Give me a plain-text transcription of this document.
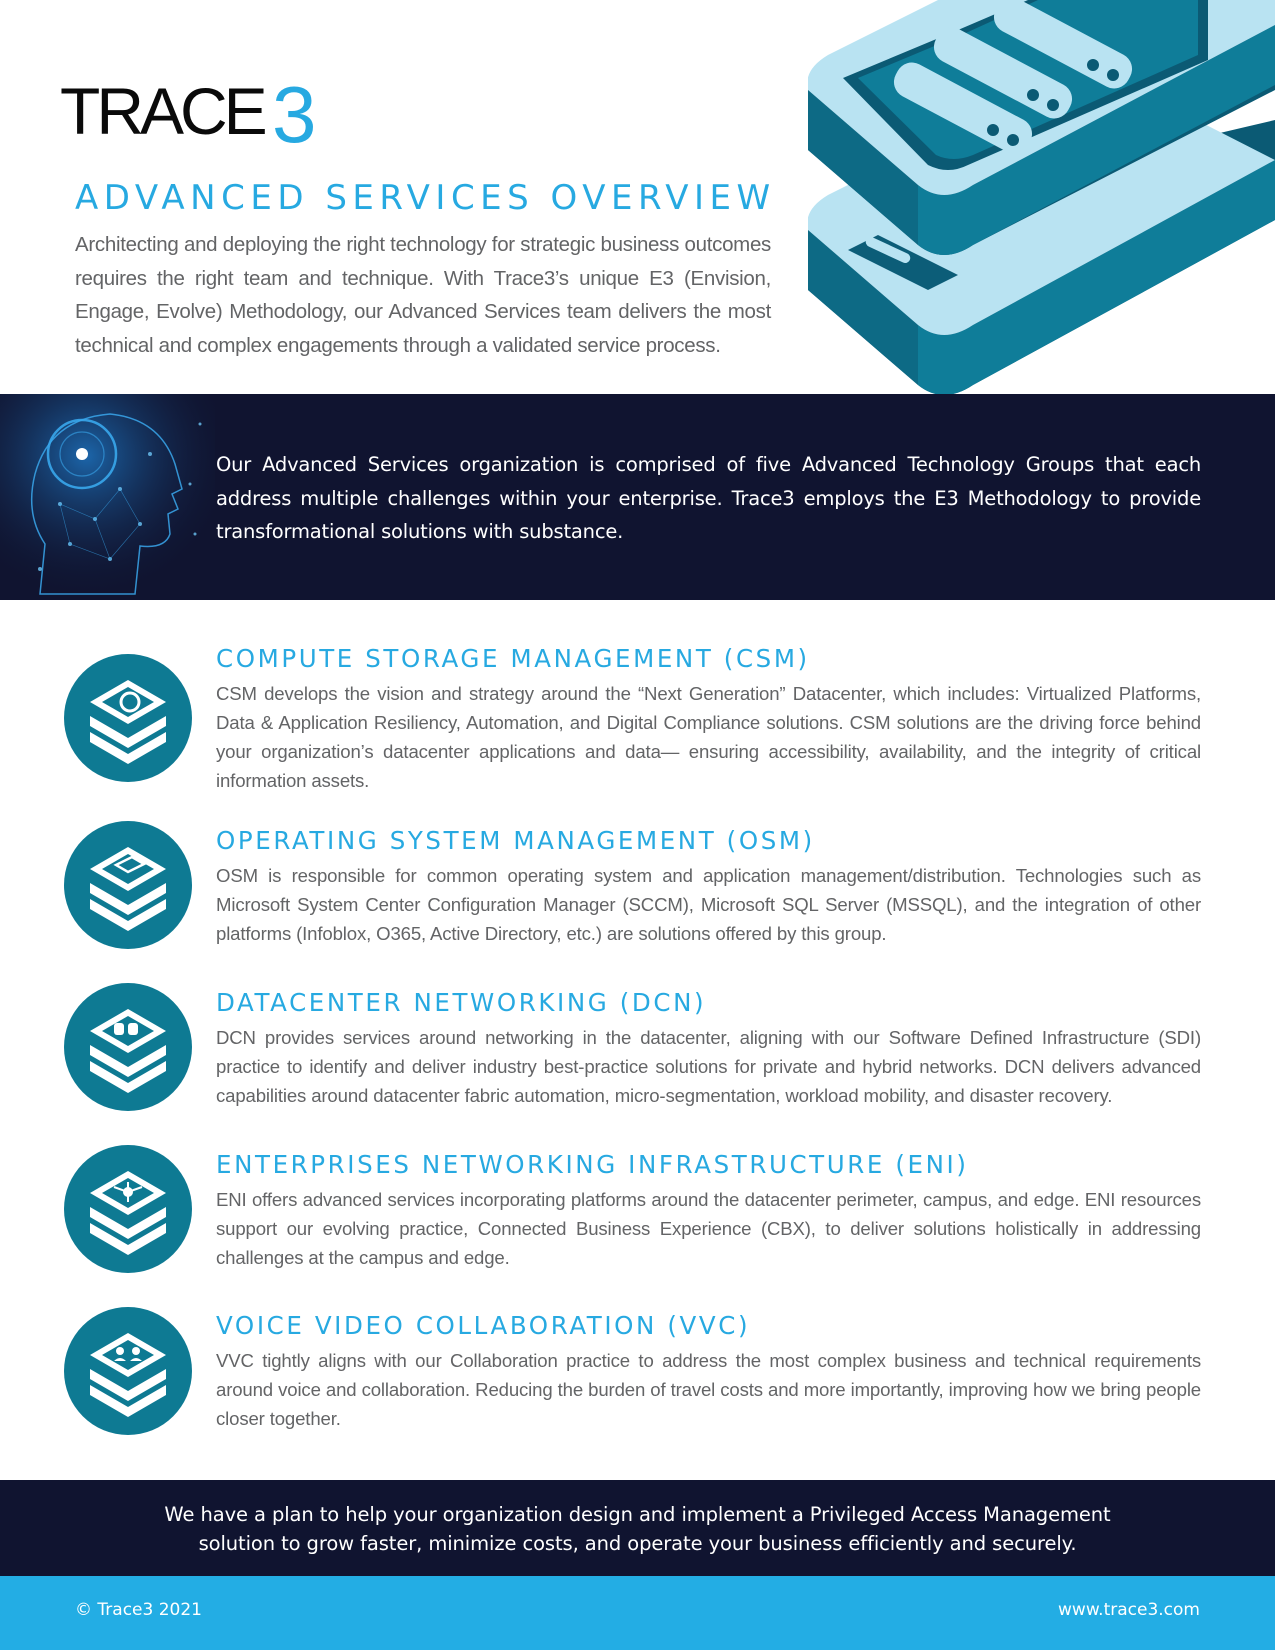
TRACE 3
ADVANCED SERVICES OVERVIEW

Architecting and deploying the right technology for strategic business outcomes requires the right team and technique. With Trace3’s unique E3 (Envision, Engage, Evolve) Methodology, our Advanced Services team delivers the most technical and complex engagements through a validated service process.

Our Advanced Services organization is comprised of five Advanced Technology Groups that each address multiple challenges within your enterprise. Trace3 employs the E3 Methodology to provide transformational solutions with substance.

COMPUTE STORAGE MANAGEMENT (CSM)

CSM develops the vision and strategy around the “Next Generation” Datacenter, which includes: Virtualized Platforms, Data & Application Resiliency, Automation, and Digital Compliance solutions. CSM solutions are the driving force behind your organization’s datacenter applications and data— ensuring accessibility, availability, and the integrity of critical information assets.

OPERATING SYSTEM MANAGEMENT (OSM)

OSM is responsible for common operating system and application management/distribution. Technologies such as Microsoft System Center Configuration Manager (SCCM), Microsoft SQL Server (MSSQL), and the integration of other platforms (Infoblox, O365, Active Directory, etc.) are solutions offered by this group.

DATACENTER NETWORKING (DCN)

DCN provides services around networking in the datacenter, aligning with our Software Defined Infrastructure (SDI) practice to identify and deliver industry best-practice solutions for private and hybrid networks. DCN delivers advanced capabilities around datacenter fabric automation, micro-segmentation, workload mobility, and disaster recovery.

ENTERPRISES NETWORKING INFRASTRUCTURE (ENI)

ENI offers advanced services incorporating platforms around the datacenter perimeter, campus, and edge. ENI resources support our evolving practice, Connected Business Experience (CBX), to deliver solutions holistically in addressing challenges at the campus and edge.

VOICE VIDEO COLLABORATION (VVC)

VVC tightly aligns with our Collaboration practice to address the most complex business and technical requirements around voice and collaboration. Reducing the burden of travel costs and more importantly, improving how we bring people closer together.

We have a plan to help your organization design and implement a Privileged Access Management solution to grow faster, minimize costs, and operate your business efficiently and securely.

© Trace3 2021	www.trace3.com
